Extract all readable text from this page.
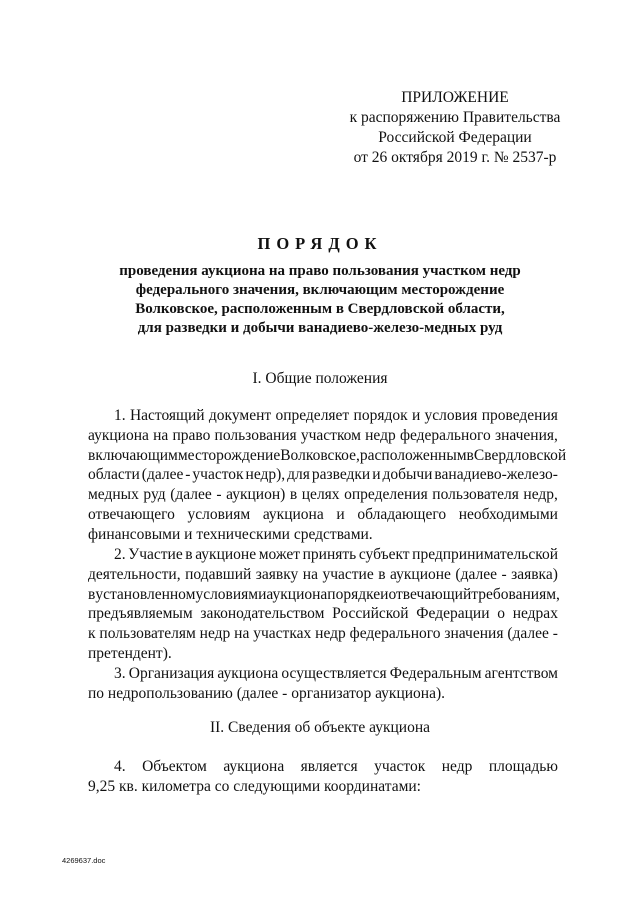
ПРИЛОЖЕНИЕ
к распоряжению Правительства
Российской Федерации
от 26 октября 2019 г. № 2537-р
ПОРЯДОК
проведения аукциона на право пользования участком недр
федерального значения, включающим месторождение
Волковское, расположенным в Свердловской области,
для разведки и добычи ванадиево-железо-медных руд
I. Общие положения
1. Настоящий документ определяет порядок и условия проведения
аукциона на право пользования участком недр федерального значения,
включающим месторождение Волковское, расположенным в Свердловской
области (далее - участок недр), для разведки и добычи ванадиево-железо-
медных руд (далее - аукцион) в целях определения пользователя недр,
отвечающего условиям аукциона и обладающего необходимыми
финансовыми и техническими средствами.
2. Участие в аукционе может принять субъект предпринимательской
деятельности, подавший заявку на участие в аукционе (далее - заявка)
в установленном условиями аукциона порядке и отвечающий требованиям,
предъявляемым законодательством Российской Федерации о недрах
к пользователям недр на участках недр федерального значения (далее -
претендент).
3. Организация аукциона осуществляется Федеральным агентством
по недропользованию (далее - организатор аукциона).
II. Сведения об объекте аукциона
4. Объектом аукциона является участок недр площадью
9,25 кв. километра со следующими координатами:
4269637.doc
